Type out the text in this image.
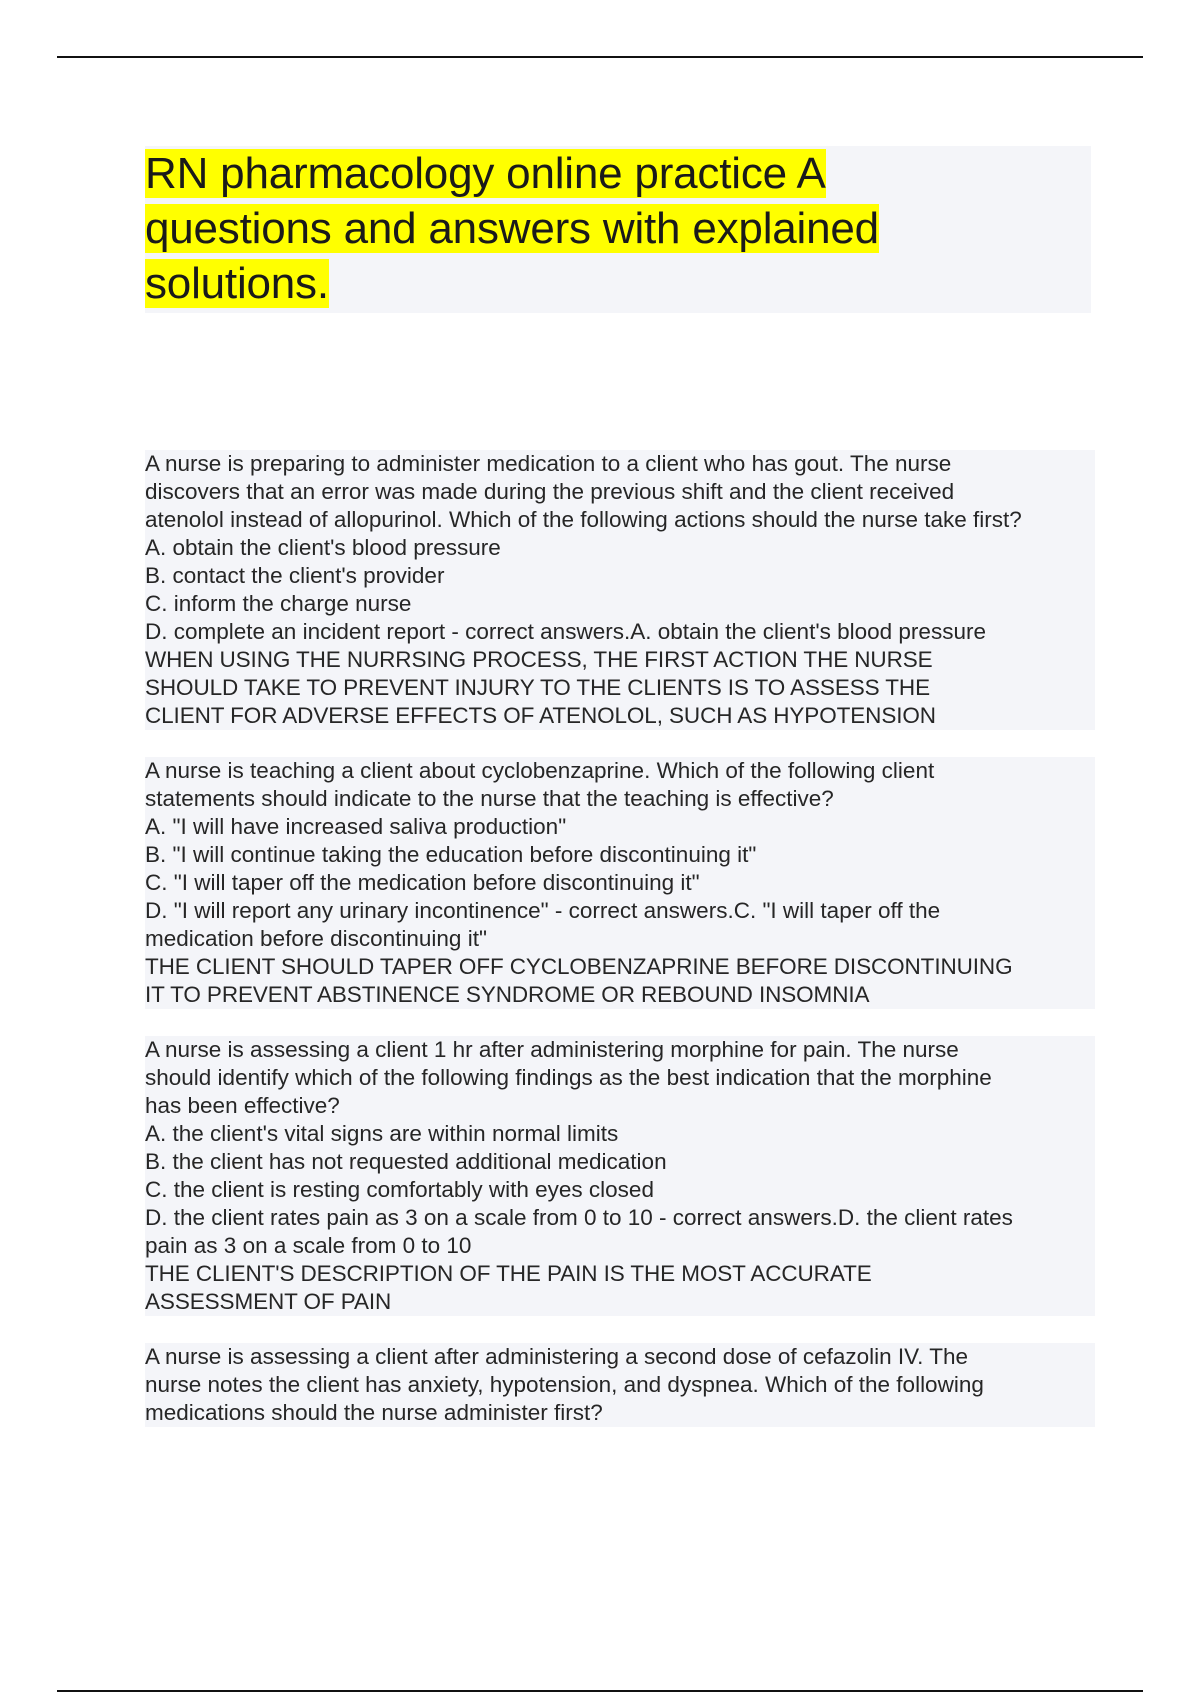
RN pharmacology online practice A
questions and answers with explained
solutions.
A nurse is preparing to administer medication to a client who has gout. The nurse
discovers that an error was made during the previous shift and the client received
atenolol instead of allopurinol. Which of the following actions should the nurse take first?
A. obtain the client's blood pressure
B. contact the client's provider
C. inform the charge nurse
D. complete an incident report - correct answers.A. obtain the client's blood pressure
WHEN USING THE NURRSING PROCESS, THE FIRST ACTION THE NURSE
SHOULD TAKE TO PREVENT INJURY TO THE CLIENTS IS TO ASSESS THE
CLIENT FOR ADVERSE EFFECTS OF ATENOLOL, SUCH AS HYPOTENSION
A nurse is teaching a client about cyclobenzaprine. Which of the following client
statements should indicate to the nurse that the teaching is effective?
A. "I will have increased saliva production"
B. "I will continue taking the education before discontinuing it"
C. "I will taper off the medication before discontinuing it"
D. "I will report any urinary incontinence" - correct answers.C. "I will taper off the
medication before discontinuing it"
THE CLIENT SHOULD TAPER OFF CYCLOBENZAPRINE BEFORE DISCONTINUING
IT TO PREVENT ABSTINENCE SYNDROME OR REBOUND INSOMNIA
A nurse is assessing a client 1 hr after administering morphine for pain. The nurse
should identify which of the following findings as the best indication that the morphine
has been effective?
A. the client's vital signs are within normal limits
B. the client has not requested additional medication
C. the client is resting comfortably with eyes closed
D. the client rates pain as 3 on a scale from 0 to 10 - correct answers.D. the client rates
pain as 3 on a scale from 0 to 10
THE CLIENT'S DESCRIPTION OF THE PAIN IS THE MOST ACCURATE
ASSESSMENT OF PAIN
A nurse is assessing a client after administering a second dose of cefazolin IV. The
nurse notes the client has anxiety, hypotension, and dyspnea. Which of the following
medications should the nurse administer first?
